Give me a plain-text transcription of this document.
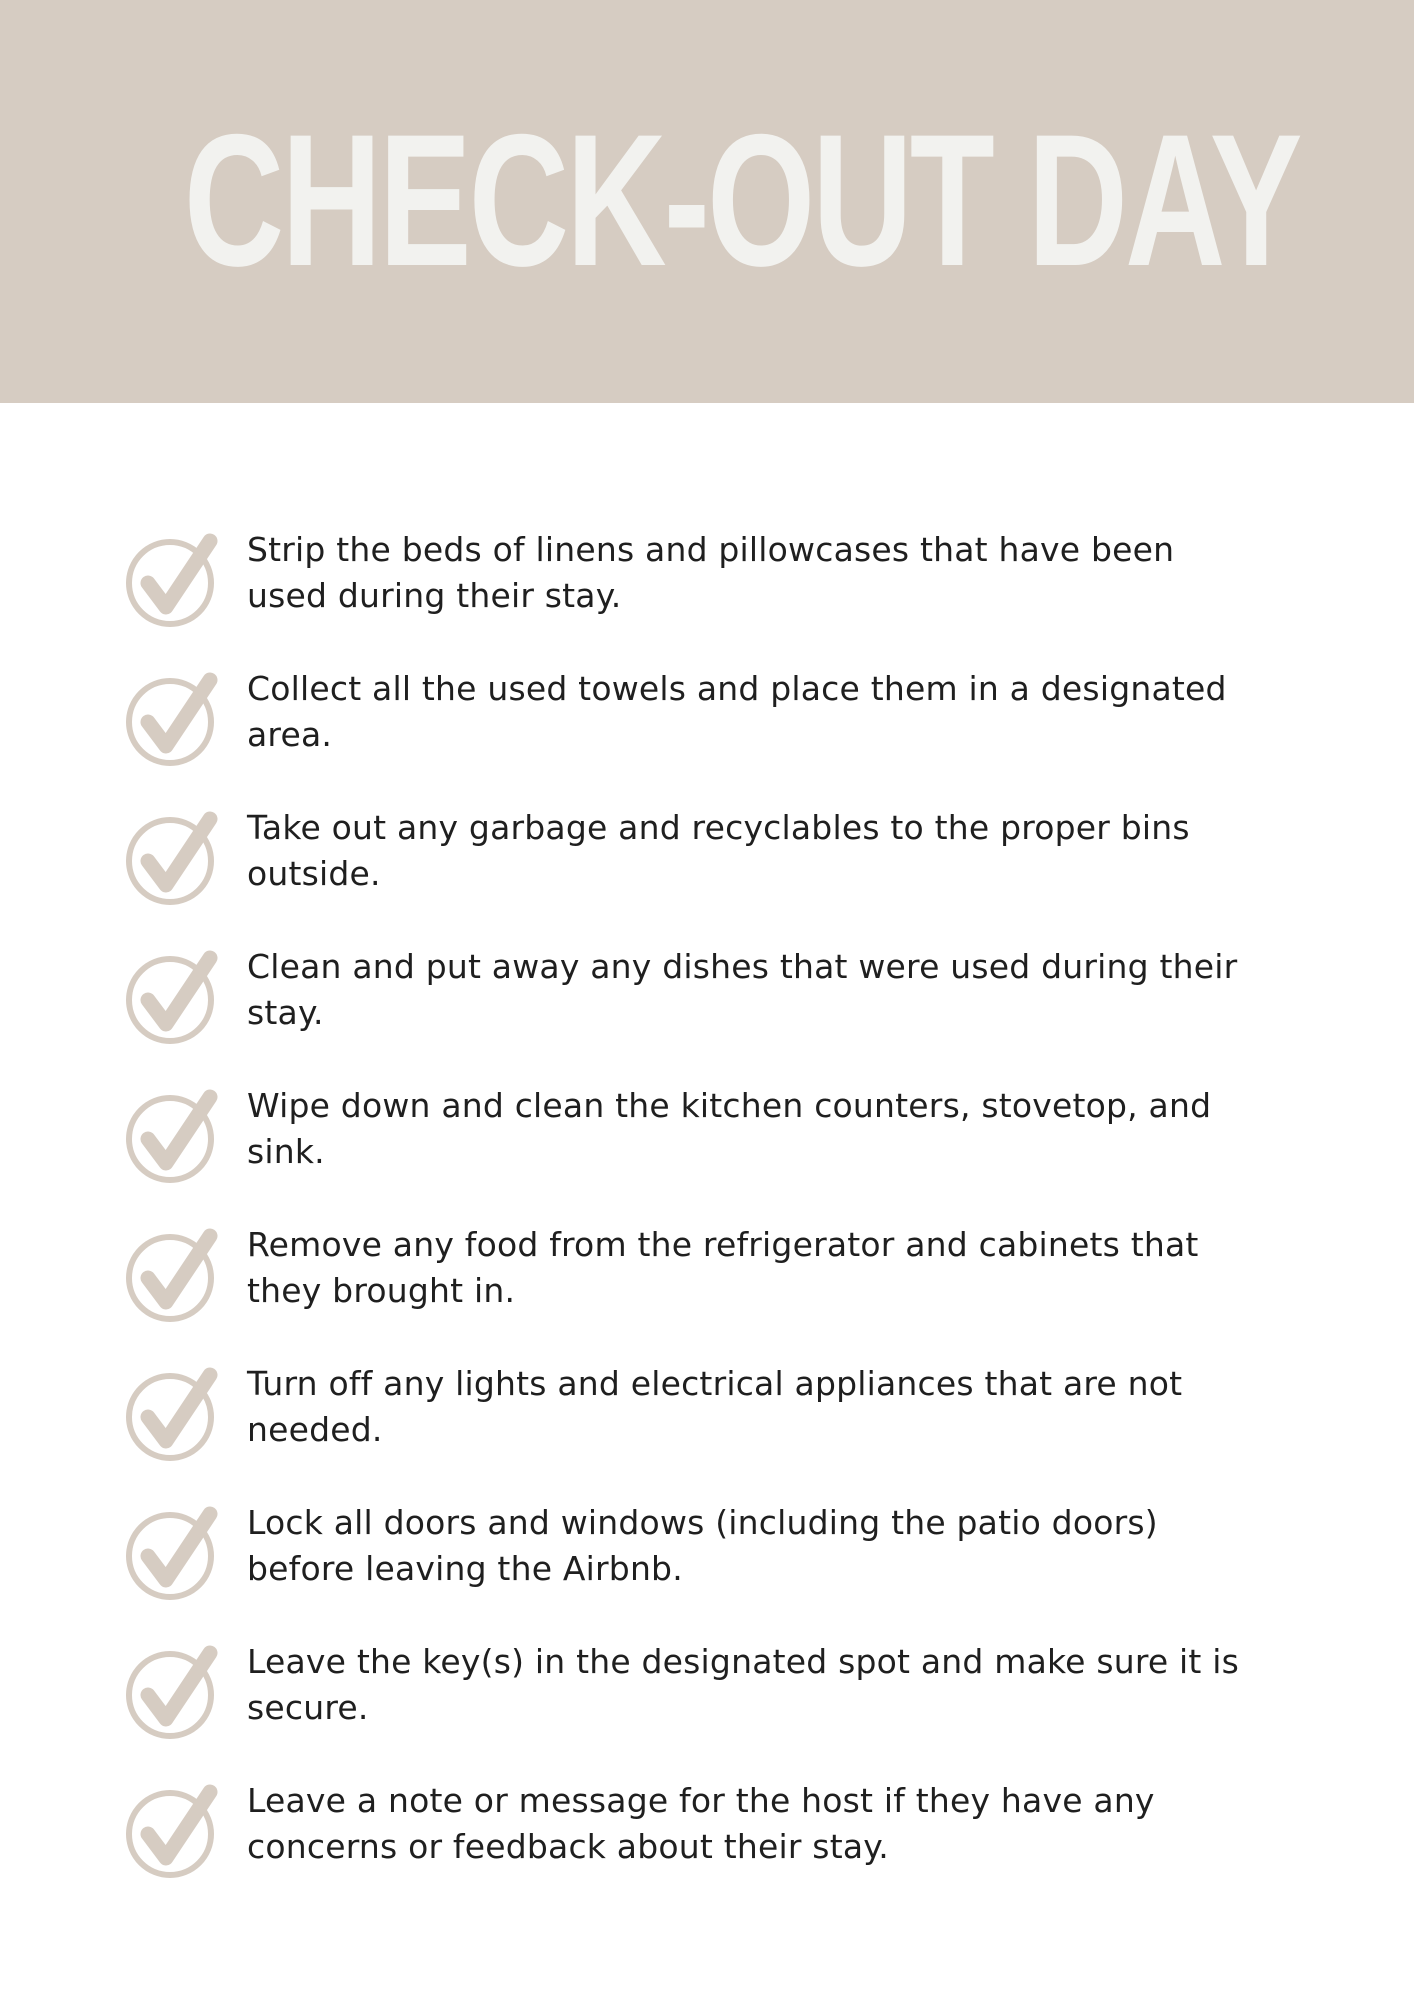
CHECK-OUT DAY

Strip the beds of linens and pillowcases that have been used during their stay.

Collect all the used towels and place them in a designated area.

Take out any garbage and recyclables to the proper bins outside.

Clean and put away any dishes that were used during their stay.

Wipe down and clean the kitchen counters, stovetop, and sink.

Remove any food from the refrigerator and cabinets that they brought in.

Turn off any lights and electrical appliances that are not needed.

Lock all doors and windows (including the patio doors) before leaving the Airbnb.

Leave the key(s) in the designated spot and make sure it is secure.

Leave a note or message for the host if they have any concerns or feedback about their stay.
